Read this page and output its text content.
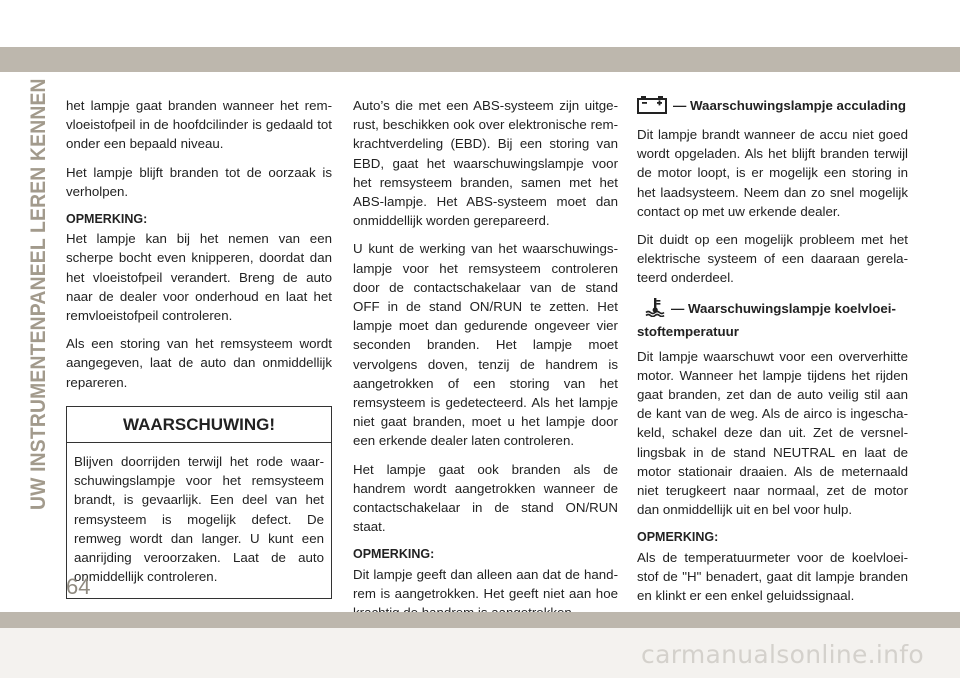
UW INSTRUMENTENPANEEL LEREN KENNEN het lampje gaat branden wanneer het remvloeistofpeil in de hoofdcilinder is gedaald tot onder een bepaald niveau.

Het lampje blijft branden tot de oorzaak is verholpen.

OPMERKING:

Het lampje kan bij het nemen van een scherpe bocht even knipperen, doordat dan het vloeistofpeil verandert. Breng de auto naar de dealer voor onderhoud en laat het remvloeistofpeil controleren.

Als een storing van het remsysteem wordt aangegeven, laat de auto dan onmiddellijk repareren.

WAARSCHUWING!

Blijven doorrijden terwijl het rode waarschuwingslampje voor het remsysteem brandt, is gevaarlijk. Een deel van het remsysteem is mogelijk defect. De remweg wordt dan langer. U kunt een aanrijding veroorzaken. Laat de auto onmiddellijk controleren.

Auto’s die met een ABS-systeem zijn uitgerust, beschikken ook over elektronische remkrachtverdeling (EBD). Bij een storing van EBD, gaat het waarschuwingslampje voor het remsysteem branden, samen met het ABS-lampje. Het ABS-systeem moet dan onmiddellijk worden gerepareerd.

U kunt de werking van het waarschuwingslampje voor het remsysteem controleren door de contactschakelaar van de stand OFF in de stand ON/RUN te zetten. Het lampje moet dan gedurende ongeveer vier seconden branden. Het lampje moet vervolgens doven, tenzij de handrem is aangetrokken of een storing van het remsysteem is gedetecteerd. Als het lampje niet gaat branden, moet u het lampje door een erkende dealer laten controleren.

Het lampje gaat ook branden als de handrem wordt aangetrokken wanneer de contactschakelaar in de stand ON/RUN staat.

OPMERKING:

Dit lampje geeft dan alleen aan dat de handrem is aangetrokken. Het geeft niet aan hoe

— Waarschuwingslampje acculading

Dit lampje brandt wanneer de accu niet goed wordt opgeladen. Als het blijft branden terwijl de motor loopt, is er mogelijk een storing in het laadsysteem. Neem dan zo snel mogelijk contact op met uw erkende dealer.

Dit duidt op een mogelijk probleem met het elektrische systeem of een daaraan gerelateerd onderdeel.

— Waarschuwingslampje koelvloeistoftemperatuur

Dit lampje waarschuwt voor een oververhitte motor. Wanneer het lampje tijdens het rijden gaat branden, zet dan de auto veilig stil aan de kant van de weg. Als de airco is ingeschakeld, schakel deze dan uit. Zet de versnellingsbak in de stand NEUTRAL en laat de motor stationair draaien. Als de meternaald niet terugkeert naar normaal, zet de motor dan onmiddellijk uit en bel voor hulp.

OPMERKING:

Als de temperatuurmeter voor de koelvloeistof de "H" benadert, gaat dit lampje branden en klinkt er een enkel geluidssignaal.

64
carmanualsonline.info
